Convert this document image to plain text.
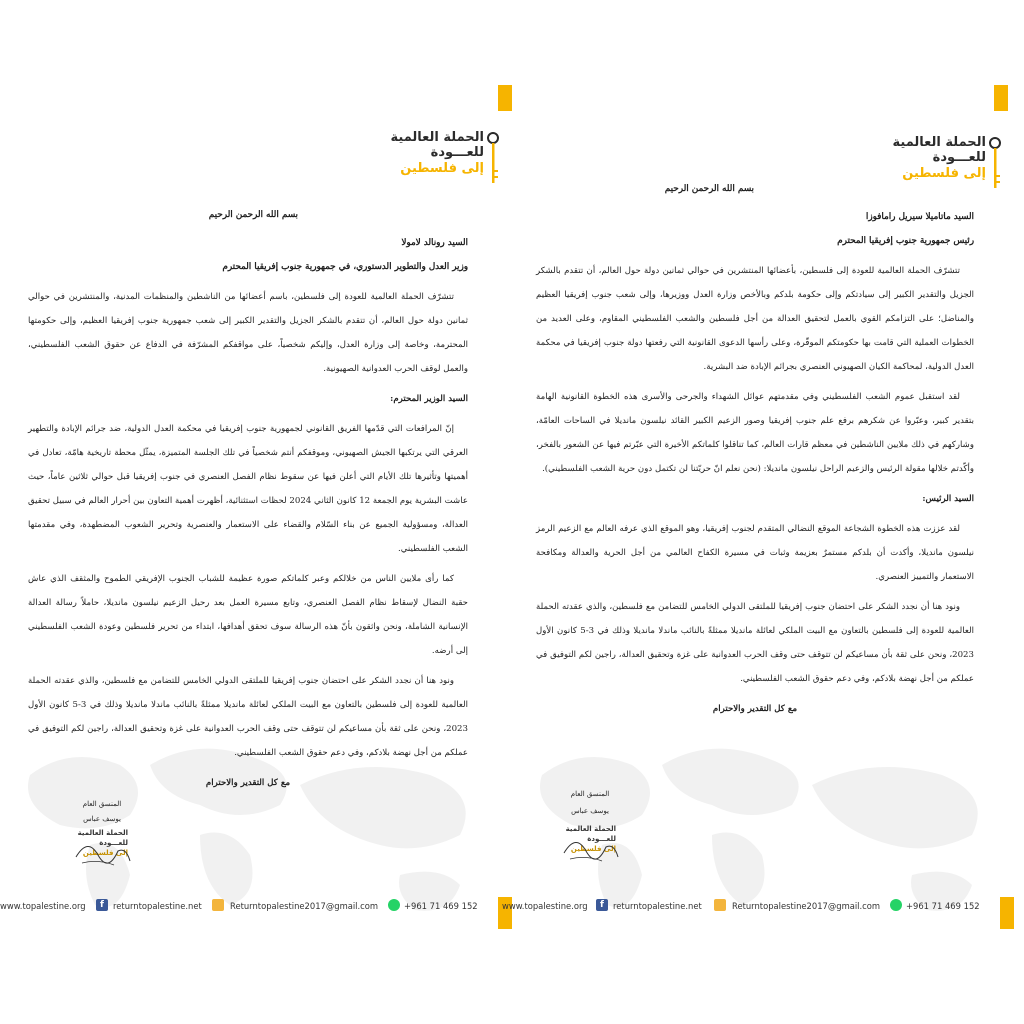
الحملة العالمية
للعـــودة
إلى فلسطين

بسم الله الرحمن الرحيم

السيد رونالد لامولا

وزير العدل والتطوير الدستوري، في جمهورية جنوب إفريقيا المحترم

تتشرّف الحملة العالمية للعودة إلى فلسطين، باسم أعضائها من الناشطين والمنظمات المدنية، والمنتشرين في حوالي ثمانين دولة حول العالم، أن تتقدم بالشكر الجزيل والتقدير الكبير إلى شعب جمهورية جنوب إفريقيا العظيم، وإلى حكومتها المحترمة، وخاصة إلى وزارة العدل، وإليكم شخصياً، على مواقفكم المشرّفة في الدفاع عن حقوق الشعب الفلسطيني، والعمل لوقف الحرب العدوانية الصهيونية.

السيد الوزير المحترم:

إنّ المرافعات التي قدّمها الفريق القانوني لجمهورية جنوب إفريقيا في محكمة العدل الدولية، ضد جرائم الإبادة والتطهير العرقي التي يرتكبها الجيش الصهيوني، وموقفكم أنتم شخصياً في تلك الجلسة المتميزة، يمثّل محطة تاريخية هامّة، تعادل في أهميتها وتأثيرها تلك الأيام التي أعلن فيها عن سقوط نظام الفصل العنصري في جنوب إفريقيا قبل حوالي ثلاثين عاماً، حيث عاشت البشرية يوم الجمعة 12 كانون الثاني 2024 لحظات استثنائية، أظهرت أهمية التعاون بين أحرار العالم في سبيل تحقيق العدالة، ومسؤولية الجميع عن بناء السّلام والقضاء على الاستعمار والعنصرية وتحرير الشعوب المضطهدة، وفي مقدمتها الشعب الفلسطيني.

كما رأى ملايين الناس من خلالكم وعبر كلماتكم صورة عظيمة للشباب الجنوب الإفريقي الطموح والمثقف الذي عاش حقبة النضال لإسقاط نظام الفصل العنصري، وتابع مسيرة العمل بعد رحيل الزعيم نيلسون مانديلا، حاملاً رسالة العدالة الإنسانية الشاملة، ونحن واثقون بأنّ هذه الرسالة سوف تحقق أهدافها، ابتداء من تحرير فلسطين وعودة الشعب الفلسطيني إلى أرضه.

ونود هنا أن نجدد الشكر على احتضان جنوب إفريقيا للملتقى الدولي الخامس للتضامن مع فلسطين، والذي عقدته الحملة العالمية للعودة إلى فلسطين بالتعاون مع البيت الملكي لعائلة مانديلا ممثلةً بالنائب ماندلا مانديلا وذلك في 3-5 كانون الأول 2023، ونحن على ثقة بأن مساعيكم لن تتوقف حتى وقف الحرب العدوانية على غزة وتحقيق العدالة، راجين لكم التوفيق في عملكم من أجل نهضة بلادكم، وفي دعم حقوق الشعب الفلسطيني.

مع كل التقدير والاحترام

المنسق العام
يوسف عباس
الحملة العالمية
للعـــودة
إلى فلسطين
www.topalestine.org	f	returntopalestine.net	Returntopalestine2017@gmail.com	+961 71 469 152
الحملة العالمية
للعـــودة
إلى فلسطين

بسم الله الرحمن الرحيم

السيد ماتاميلا سيريل رامافوزا

رئيس جمهورية جنوب إفريقيا المحترم

تتشرّف الحملة العالمية للعودة إلى فلسطين، بأعضائها المنتشرين في حوالي ثمانين دولة حول العالم، أن تتقدم بالشكر الجزيل والتقدير الكبير إلى سيادتكم وإلى حكومة بلدكم وبالأخص وزارة العدل ووزيرها، وإلى شعب جنوب إفريقيا العظيم والمناضل؛ على التزامكم القوي بالعمل لتحقيق العدالة من أجل فلسطين والشعب الفلسطيني المقاوم، وعلى العديد من الخطوات العملية التي قامت بها حكومتكم الموقّرة، وعلى رأسها الدعوى القانونية التي رفعتها دولة جنوب إفريقيا في محكمة العدل الدولية، لمحاكمة الكيان الصهيوني العنصري بجرائم الإبادة ضد البشرية.

لقد استقبل عموم الشعب الفلسطيني وفي مقدمتهم عوائل الشهداء والجرحى والأسرى هذه الخطوة القانونية الهامة بتقدير كبير، وعبّروا عن شكرهم برفع علم جنوب إفريقيا وصور الزعيم الكبير القائد نيلسون مانديلا في الساحات العامّة، وشاركهم في ذلك ملايين الناشطين في معظم قارات العالم، كما تناقلوا كلماتكم الأخيرة التي عبّرتم فيها عن الشعور بالفخر، وأكّدتم خلالها مقولة الرئيس والزعيم الراحل نيلسون مانديلا: (نحن نعلم انّ حريّتنا لن تكتمل دون حرية الشعب الفلسطيني).

السيد الرئيس:

لقد عززت هذه الخطوة الشجاعة الموقع النضالي المتقدم لجنوب إفريقيا، وهو الموقع الذي عرفه العالم مع الزعيم الرمز نيلسون مانديلا، وأكدت أن بلدكم مستمرٌ بعزيمة وثبات في مسيرة الكفاح العالمي من أجل الحرية والعدالة ومكافحة الاستعمار والتمييز العنصري.

ونود هنا أن نجدد الشكر على احتضان جنوب إفريقيا للملتقى الدولي الخامس للتضامن مع فلسطين، والذي عقدته الحملة العالمية للعودة إلى فلسطين بالتعاون مع البيت الملكي لعائلة مانديلا ممثلةً بالنائب ماندلا مانديلا وذلك في 3-5 كانون الأول 2023، ونحن على ثقة بأن مساعيكم لن تتوقف حتى وقف الحرب العدوانية على غزة وتحقيق العدالة، راجين لكم التوفيق في عملكم من أجل نهضة بلادكم، وفي دعم حقوق الشعب الفلسطيني.

مع كل التقدير والاحترام

المنسق العام
يوسف عباس
الحملة العالمية
للعـــودة
إلى فلسطين
www.topalestine.org	f	returntopalestine.net	Returntopalestine2017@gmail.com	+961 71 469 152
